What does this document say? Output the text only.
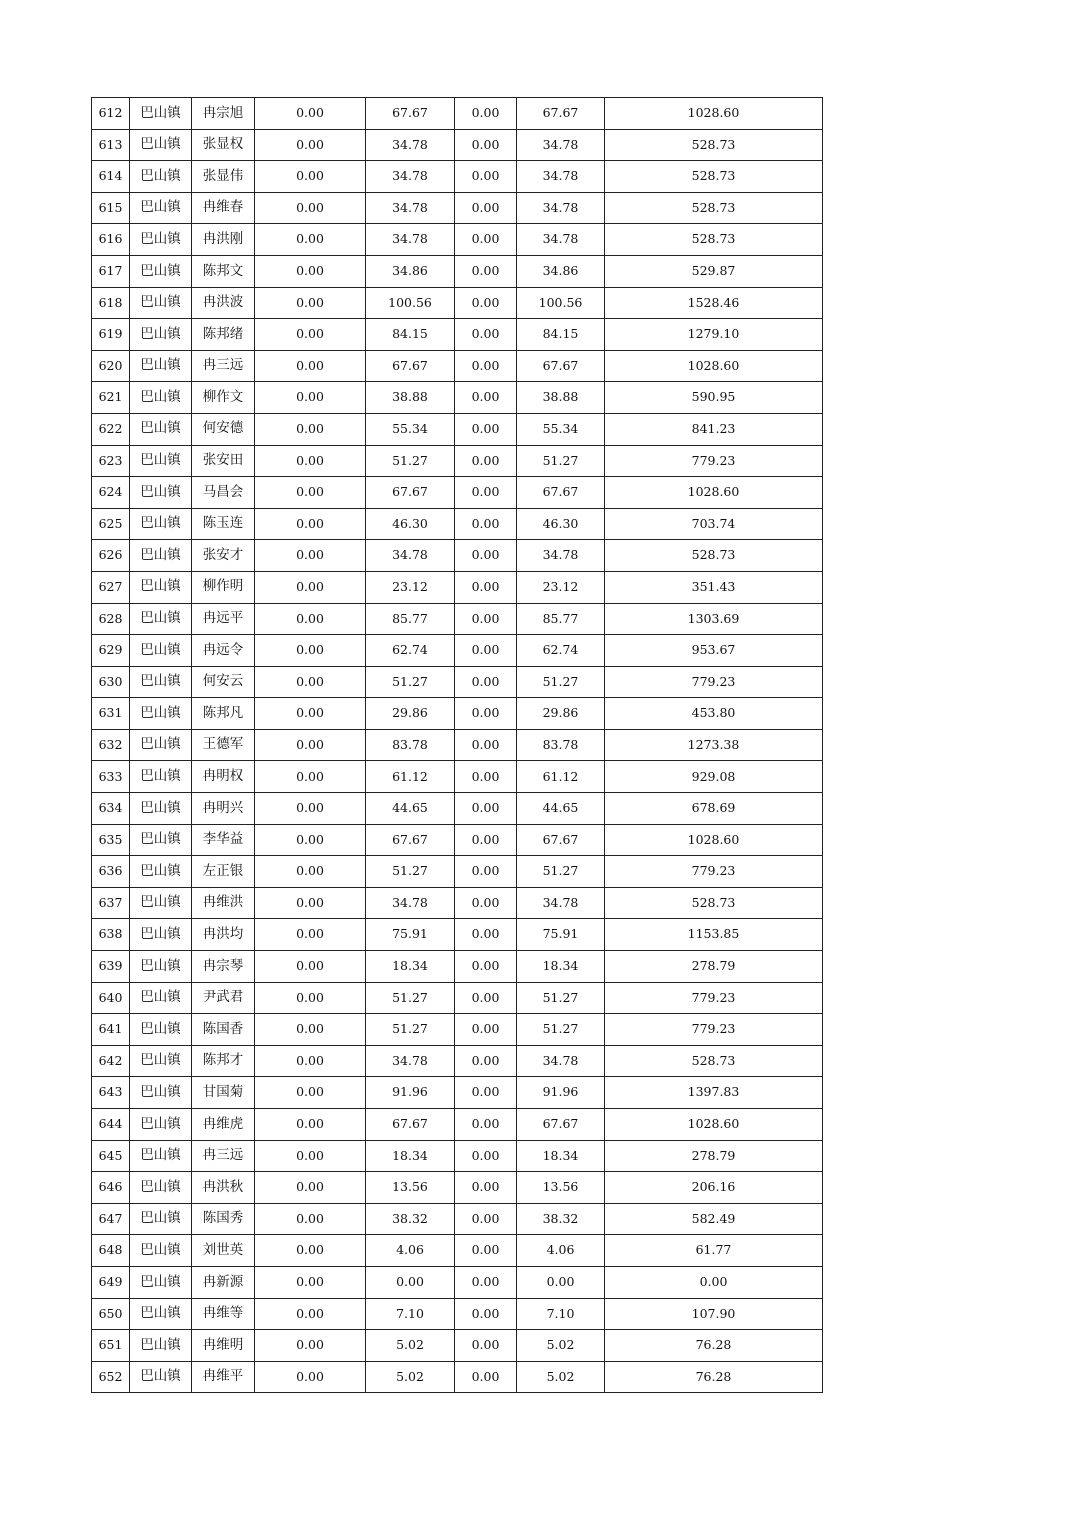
612	巴山镇	冉宗旭	0.00	67.67	0.00	67.67	1028.60
613	巴山镇	张显权	0.00	34.78	0.00	34.78	528.73
614	巴山镇	张显伟	0.00	34.78	0.00	34.78	528.73
615	巴山镇	冉维春	0.00	34.78	0.00	34.78	528.73
616	巴山镇	冉洪刚	0.00	34.78	0.00	34.78	528.73
617	巴山镇	陈邦文	0.00	34.86	0.00	34.86	529.87
618	巴山镇	冉洪波	0.00	100.56	0.00	100.56	1528.46
619	巴山镇	陈邦绪	0.00	84.15	0.00	84.15	1279.10
620	巴山镇	冉三远	0.00	67.67	0.00	67.67	1028.60
621	巴山镇	柳作文	0.00	38.88	0.00	38.88	590.95
622	巴山镇	何安德	0.00	55.34	0.00	55.34	841.23
623	巴山镇	张安田	0.00	51.27	0.00	51.27	779.23
624	巴山镇	马昌会	0.00	67.67	0.00	67.67	1028.60
625	巴山镇	陈玉连	0.00	46.30	0.00	46.30	703.74
626	巴山镇	张安才	0.00	34.78	0.00	34.78	528.73
627	巴山镇	柳作明	0.00	23.12	0.00	23.12	351.43
628	巴山镇	冉远平	0.00	85.77	0.00	85.77	1303.69
629	巴山镇	冉远令	0.00	62.74	0.00	62.74	953.67
630	巴山镇	何安云	0.00	51.27	0.00	51.27	779.23
631	巴山镇	陈邦凡	0.00	29.86	0.00	29.86	453.80
632	巴山镇	王德军	0.00	83.78	0.00	83.78	1273.38
633	巴山镇	冉明权	0.00	61.12	0.00	61.12	929.08
634	巴山镇	冉明兴	0.00	44.65	0.00	44.65	678.69
635	巴山镇	李华益	0.00	67.67	0.00	67.67	1028.60
636	巴山镇	左正银	0.00	51.27	0.00	51.27	779.23
637	巴山镇	冉维洪	0.00	34.78	0.00	34.78	528.73
638	巴山镇	冉洪均	0.00	75.91	0.00	75.91	1153.85
639	巴山镇	冉宗琴	0.00	18.34	0.00	18.34	278.79
640	巴山镇	尹武君	0.00	51.27	0.00	51.27	779.23
641	巴山镇	陈国香	0.00	51.27	0.00	51.27	779.23
642	巴山镇	陈邦才	0.00	34.78	0.00	34.78	528.73
643	巴山镇	甘国菊	0.00	91.96	0.00	91.96	1397.83
644	巴山镇	冉维虎	0.00	67.67	0.00	67.67	1028.60
645	巴山镇	冉三远	0.00	18.34	0.00	18.34	278.79
646	巴山镇	冉洪秋	0.00	13.56	0.00	13.56	206.16
647	巴山镇	陈国秀	0.00	38.32	0.00	38.32	582.49
648	巴山镇	刘世英	0.00	4.06	0.00	4.06	61.77
649	巴山镇	冉新源	0.00	0.00	0.00	0.00	0.00
650	巴山镇	冉维等	0.00	7.10	0.00	7.10	107.90
651	巴山镇	冉维明	0.00	5.02	0.00	5.02	76.28
652	巴山镇	冉维平	0.00	5.02	0.00	5.02	76.28
